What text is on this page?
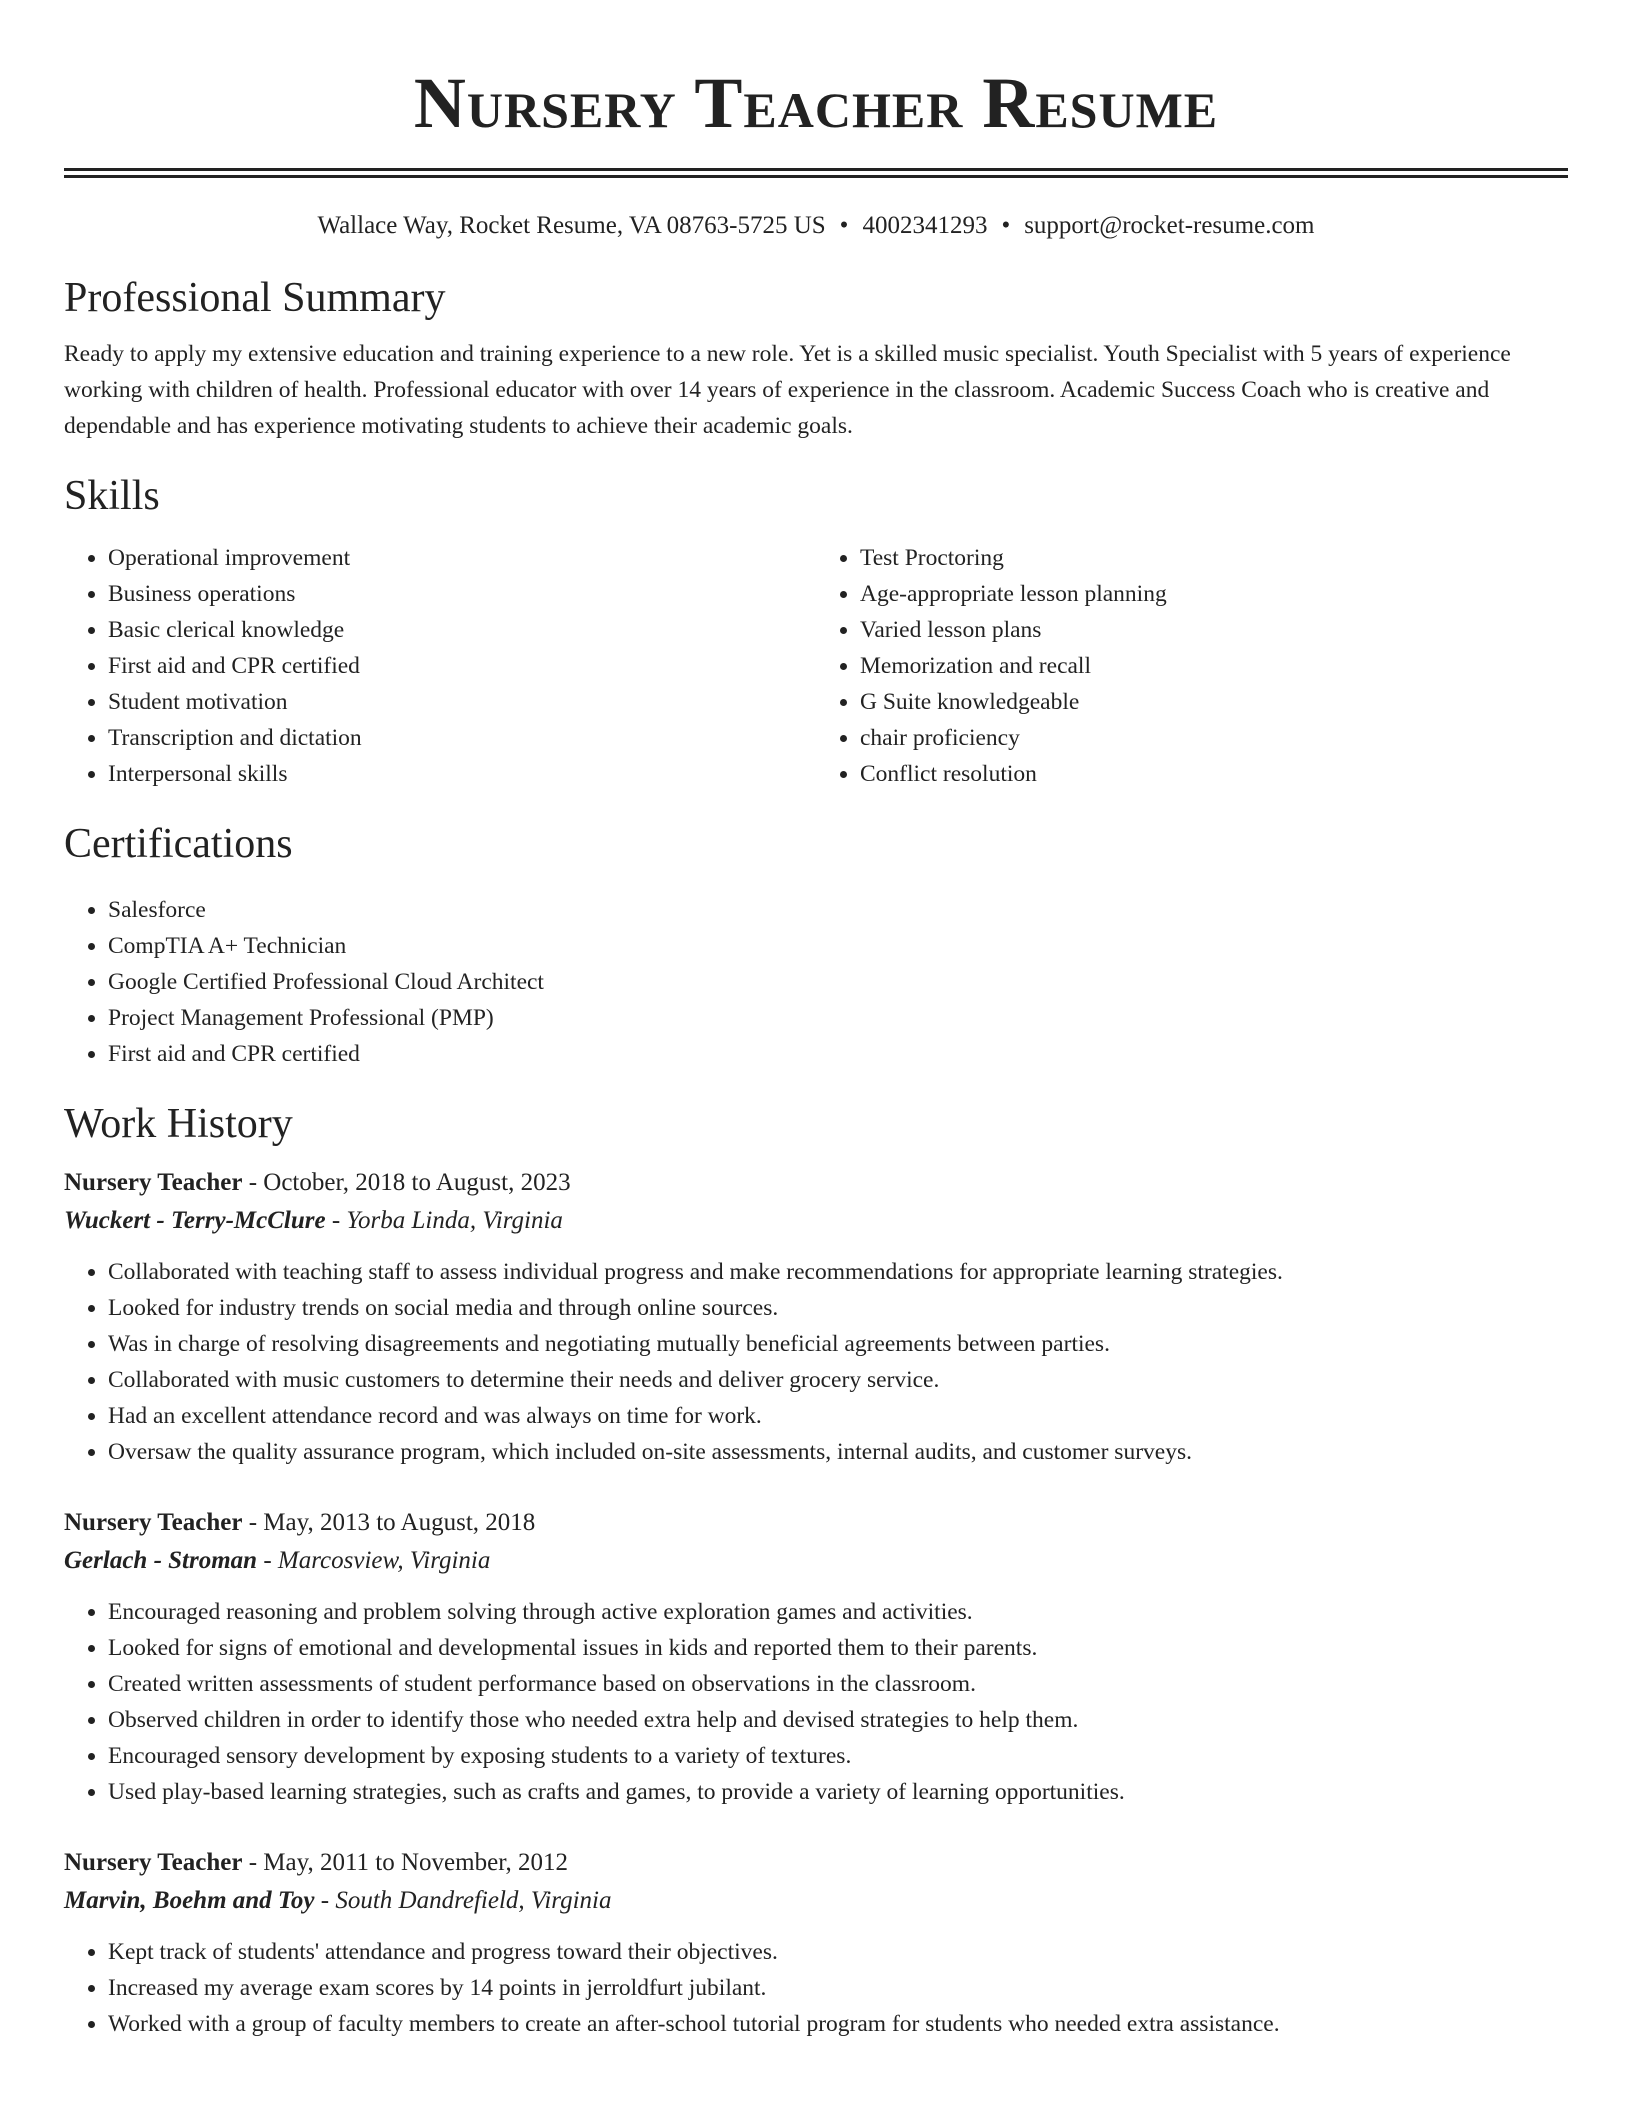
Nursery Teacher Resume
Wallace Way, Rocket Resume, VA 08763-5725 US • 4002341293 • support@rocket-resume.com
Professional Summary
Ready to apply my extensive education and training experience to a new role. Yet is a skilled music specialist. Youth Specialist with 5 years of experience working with children of health. Professional educator with over 14 years of experience in the classroom. Academic Success Coach who is creative and dependable and has experience motivating students to achieve their academic goals.
Skills
• Operational improvement
• Business operations
• Basic clerical knowledge
• First aid and CPR certified
• Student motivation
• Transcription and dictation
• Interpersonal skills
• Test Proctoring
• Age-appropriate lesson planning
• Varied lesson plans
• Memorization and recall
• G Suite knowledgeable
• chair proficiency
• Conflict resolution
Certifications
• Salesforce
• CompTIA A+ Technician
• Google Certified Professional Cloud Architect
• Project Management Professional (PMP)
• First aid and CPR certified
Work History
Nursery Teacher - October, 2018 to August, 2023
Wuckert - Terry-McClure - Yorba Linda, Virginia
• Collaborated with teaching staff to assess individual progress and make recommendations for appropriate learning strategies.
• Looked for industry trends on social media and through online sources.
• Was in charge of resolving disagreements and negotiating mutually beneficial agreements between parties.
• Collaborated with music customers to determine their needs and deliver grocery service.
• Had an excellent attendance record and was always on time for work.
• Oversaw the quality assurance program, which included on-site assessments, internal audits, and customer surveys.
Nursery Teacher - May, 2013 to August, 2018
Gerlach - Stroman - Marcosview, Virginia
• Encouraged reasoning and problem solving through active exploration games and activities.
• Looked for signs of emotional and developmental issues in kids and reported them to their parents.
• Created written assessments of student performance based on observations in the classroom.
• Observed children in order to identify those who needed extra help and devised strategies to help them.
• Encouraged sensory development by exposing students to a variety of textures.
• Used play-based learning strategies, such as crafts and games, to provide a variety of learning opportunities.
Nursery Teacher - May, 2011 to November, 2012
Marvin, Boehm and Toy - South Dandrefield, Virginia
• Kept track of students' attendance and progress toward their objectives.
• Increased my average exam scores by 14 points in jerroldfurt jubilant.
• Worked with a group of faculty members to create an after-school tutorial program for students who needed extra assistance.
